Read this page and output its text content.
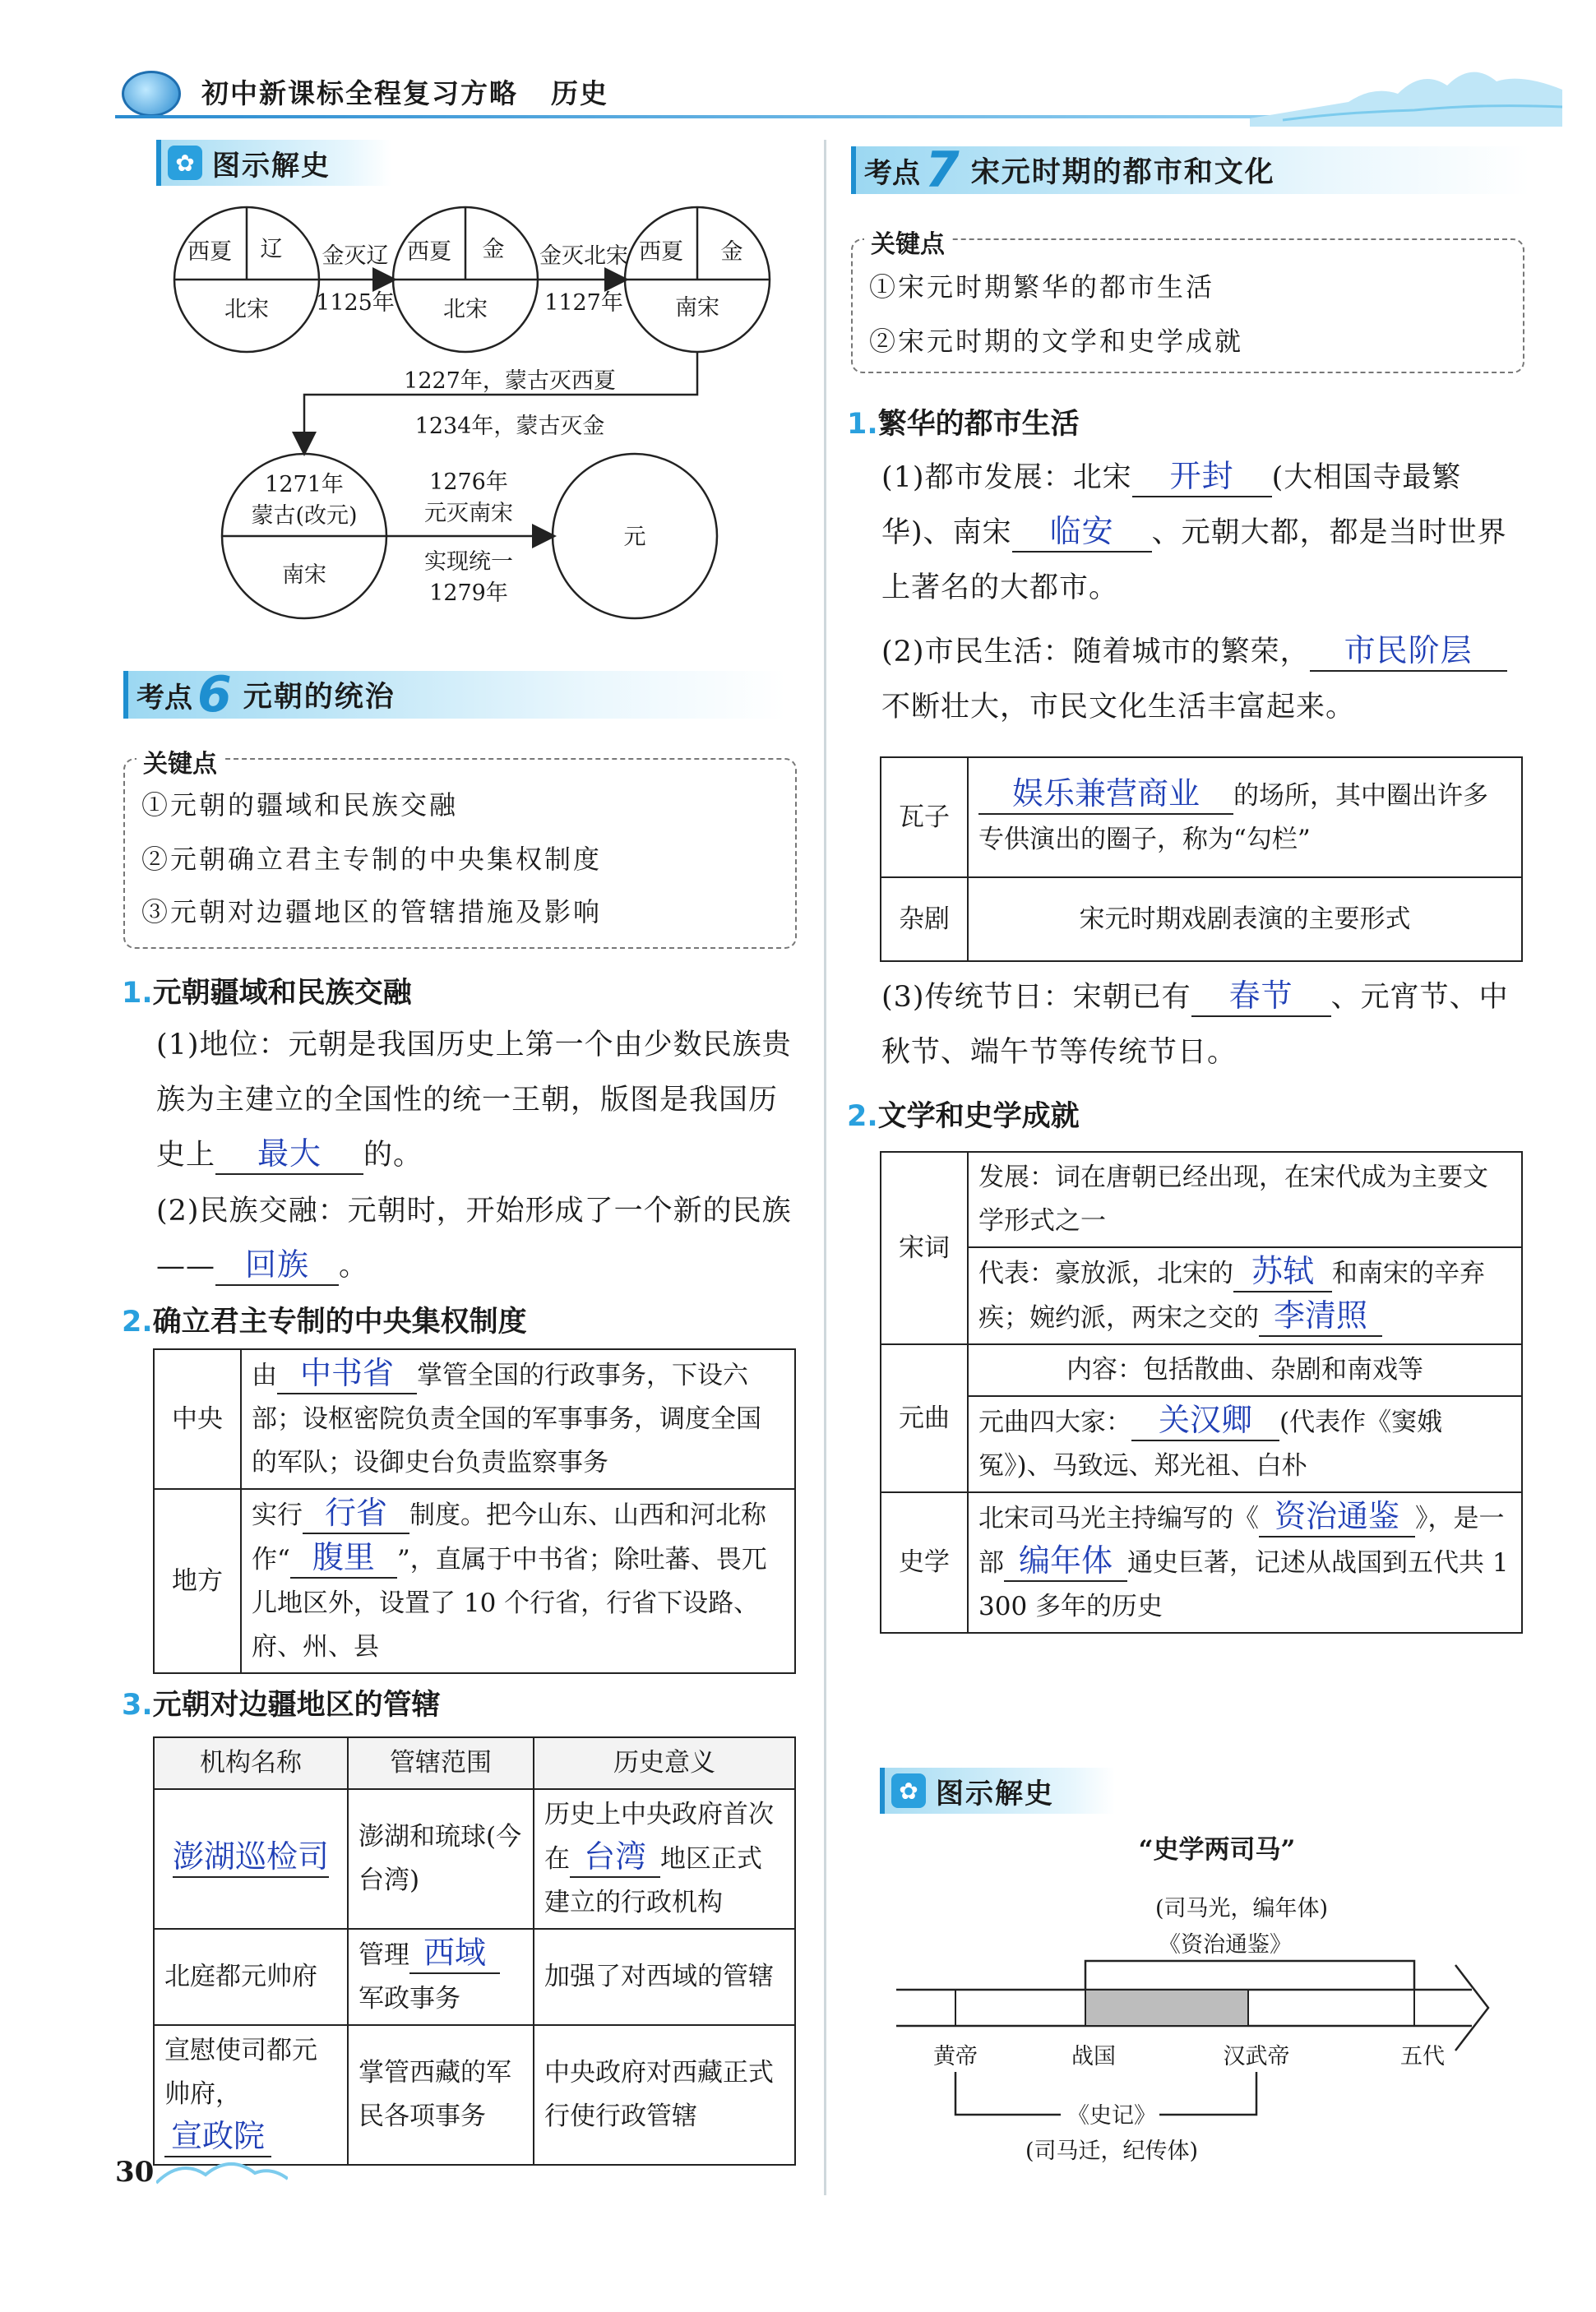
初中新课标全程复习方略 历史
✿ 图示解史
西夏 辽
北宋
金灭辽
1125年
西夏 金
北宋
金灭北宋
1127年
西夏 金
南宋
1227年，蒙古灭西夏
1234年，蒙古灭金
1271年
蒙古(改元)
南宋
1276年
元灭南宋
实现统一
1279年
元
考点 6 元朝的统治
关键点
①元朝的疆域和民族交融
②元朝确立君主专制的中央集权制度
③元朝对边疆地区的管辖措施及影响
1.元朝疆域和民族交融
(1)地位：元朝是我国历史上第一个由少数民族贵族为主建立的全国性的统一王朝，版图是我国历史上 最大 的。
(2)民族交融：元朝时，开始形成了一个新的民族—— 回族 。
2.确立君主专制的中央集权制度
中央	由 中书省 掌管全国的行政事务，下设六部；设枢密院负责全国的军事事务，调度全国的军队；设御史台负责监察事务
地方	实行 行省 制度。把今山东、山西和河北称作“ 腹里 ”，直属于中书省；除吐蕃、畏兀儿地区外，设置了 10 个行省，行省下设路、府、州、县
3.元朝对边疆地区的管辖
机构名称	管辖范围	历史意义
澎湖巡检司	澎湖和琉球(今台湾)	历史上中央政府首次在 台湾 地区正式建立的行政机构
北庭都元帅府	管理 西域军政事务	加强了对西域的管辖
宣慰使司都元帅府，宣政院	掌管西藏的军民各项事务	中央政府对西藏正式行使行政管辖
考点 7 宋元时期的都市和文化
关键点
①宋元时期繁华的都市生活
②宋元时期的文学和史学成就
1.繁华的都市生活
(1)都市发展：北宋 开封 (大相国寺最繁华)、南宋 临安 、元朝大都，都是当时世界上著名的大都市。
(2)市民生活：随着城市的繁荣， 市民阶层不断壮大，市民文化生活丰富起来。
瓦子	娱乐兼营商业 的场所，其中圈出许多专供演出的圈子，称为“勾栏”
杂剧	宋元时期戏剧表演的主要形式
(3)传统节日：宋朝已有 春节 、元宵节、中秋节、端午节等传统节日。
2.文学和史学成就
宋词	发展：词在唐朝已经出现，在宋代成为主要文学形式之一
	代表：豪放派，北宋的 苏轼 和南宋的辛弃疾；婉约派，两宋之交的 李清照
元曲	内容：包括散曲、杂剧和南戏等
	元曲四大家： 关汉卿 (代表作《窦娥冤》)、马致远、郑光祖、白朴
史学	北宋司马光主持编写的《 资治通鉴 》，是一部 编年体 通史巨著，记述从战国到五代共 1 300 多年的历史
✿ 图示解史
“史学两司马”
(司马光，编年体)
《资治通鉴》
黄帝	战国	汉武帝	五代
《史记》
(司马迁，纪传体)
30
